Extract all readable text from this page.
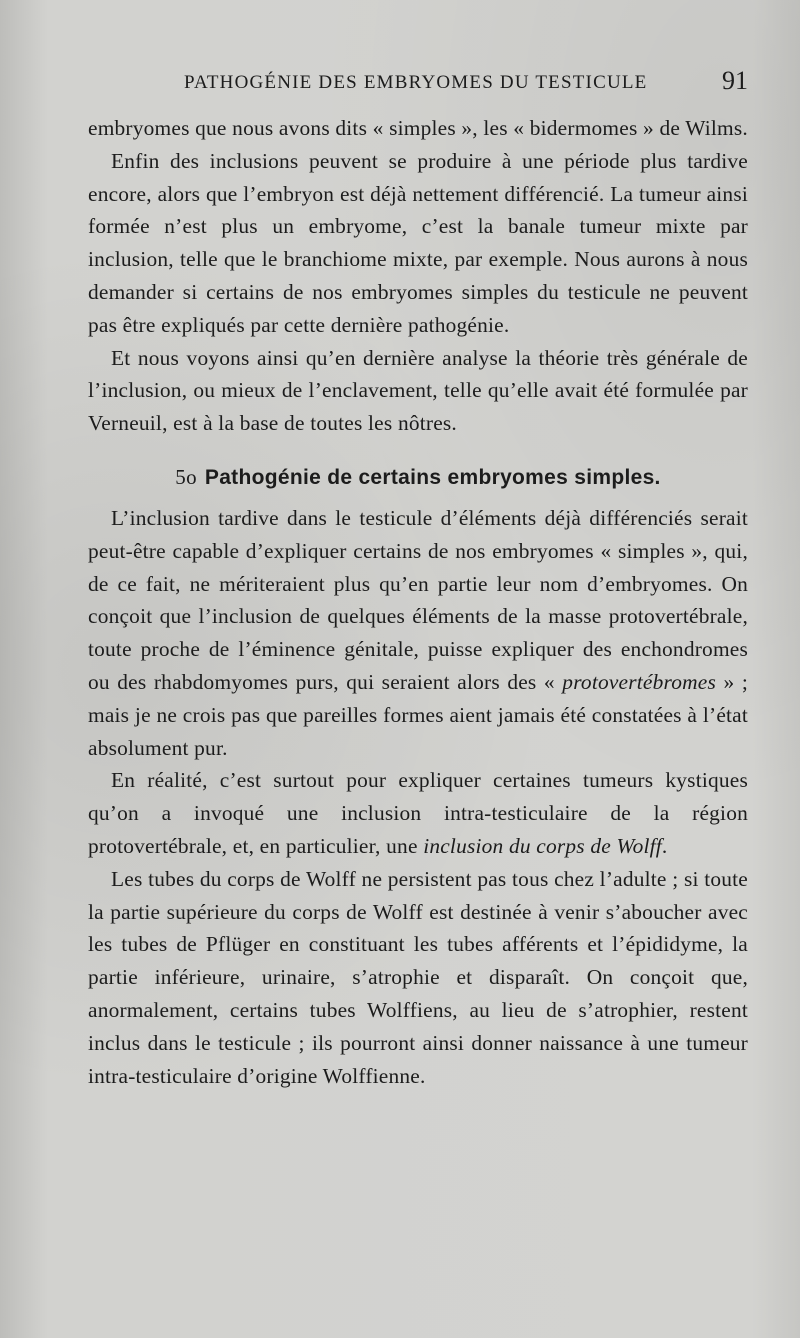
PATHOGÉNIE DES EMBRYOMES DU TESTICULE	91

embryomes que nous avons dits « simples », les « bidermomes » de Wilms.

Enfin des inclusions peuvent se produire à une période plus tardive encore, alors que l’embryon est déjà nettement différencié. La tumeur ainsi formée n’est plus un embryome, c’est la banale tumeur mixte par inclusion, telle que le branchiome mixte, par exemple. Nous aurons à nous demander si certains de nos embryomes simples du testicule ne peuvent pas être expliqués par cette dernière pathogénie.

Et nous voyons ainsi qu’en dernière analyse la théorie très générale de l’inclusion, ou mieux de l’enclavement, telle qu’elle avait été formulée par Verneuil, est à la base de toutes les nôtres.

5o Pathogénie de certains embryomes simples.

L’inclusion tardive dans le testicule d’éléments déjà différenciés serait peut-être capable d’expliquer certains de nos embryomes « simples », qui, de ce fait, ne mériteraient plus qu’en partie leur nom d’embryomes. On conçoit que l’inclusion de quelques éléments de la masse protovertébrale, toute proche de l’éminence génitale, puisse expliquer des enchondromes ou des rhabdomyomes purs, qui seraient alors des « protovertébromes » ; mais je ne crois pas que pareilles formes aient jamais été constatées à l’état absolument pur.

En réalité, c’est surtout pour expliquer certaines tumeurs kystiques qu’on a invoqué une inclusion intra-testiculaire de la région protovertébrale, et, en particulier, une inclusion du corps de Wolff.

Les tubes du corps de Wolff ne persistent pas tous chez l’adulte ; si toute la partie supérieure du corps de Wolff est destinée à venir s’aboucher avec les tubes de Pflüger en constituant les tubes afférents et l’épididyme, la partie inférieure, urinaire, s’atrophie et disparaît. On conçoit que, anormalement, certains tubes Wolffiens, au lieu de s’atrophier, restent inclus dans le testicule ; ils pourront ainsi donner naissance à une tumeur intra-testiculaire d’origine Wolffienne.
